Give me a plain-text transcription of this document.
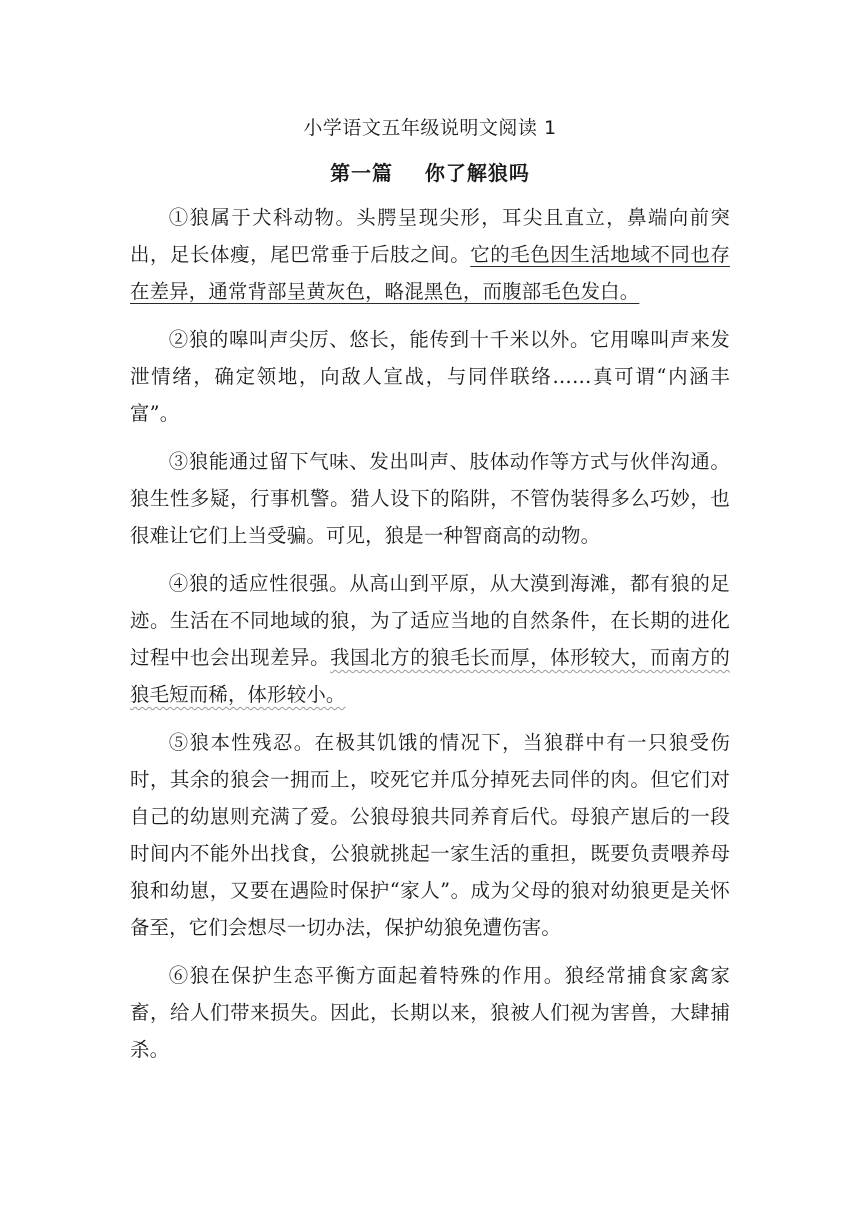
小学语文五年级说明文阅读 1
第一篇    你了解狼吗

①狼属于犬科动物。头腭呈现尖形，耳尖且直立，鼻端向前突出，足长体瘦，尾巴常垂于后肢之间。它的毛色因生活地域不同也存在差异，通常背部呈黄灰色，略混黑色，而腹部毛色发白。

②狼的嗥叫声尖厉、悠长，能传到十千米以外。它用嗥叫声来发泄情绪，确定领地，向敌人宣战，与同伴联络……真可谓“内涵丰富”。

③狼能通过留下气味、发出叫声、肢体动作等方式与伙伴沟通。狼生性多疑，行事机警。猎人设下的陷阱，不管伪装得多么巧妙，也很难让它们上当受骗。可见，狼是一种智商高的动物。

④狼的适应性很强。从高山到平原，从大漠到海滩，都有狼的足迹。生活在不同地域的狼，为了适应当地的自然条件，在长期的进化过程中也会出现差异。我国北方的狼毛长而厚，体形较大，而南方的狼毛短而稀，体形较小。

⑤狼本性残忍。在极其饥饿的情况下，当狼群中有一只狼受伤时，其余的狼会一拥而上，咬死它并瓜分掉死去同伴的肉。但它们对自己的幼崽则充满了爱。公狼母狼共同养育后代。母狼产崽后的一段时间内不能外出找食，公狼就挑起一家生活的重担，既要负责喂养母狼和幼崽，又要在遇险时保护“家人”。成为父母的狼对幼狼更是关怀备至，它们会想尽一切办法，保护幼狼免遭伤害。

⑥狼在保护生态平衡方面起着特殊的作用。狼经常捕食家禽家畜，给人们带来损失。因此，长期以来，狼被人们视为害兽，大肆捕杀。
